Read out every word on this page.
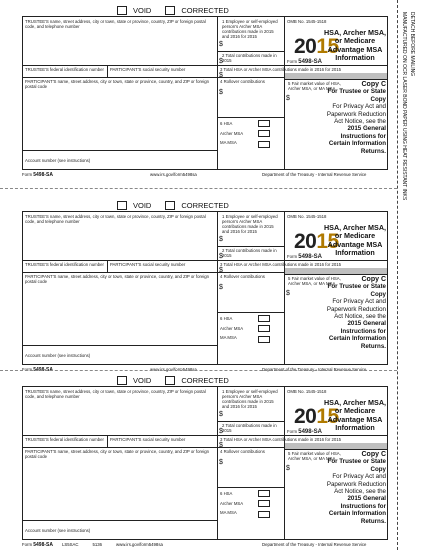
VOID	CORRECTED
TRUSTEE'S name, street address, city or town, state or province, country, ZIP or foreign postal code, and telephone number
1 Employee or self-employed person's Archer MSA contributions made in 2015 and 2016 for 2015
$
2 Total contributions made in 2015
$
OMB No. 1545-1518
2015
Form 5498-SA
HSA, Archer MSA, or Medicare Advantage MSA Information
TRUSTEE'S federal identification number PARTICIPANT'S social security number	3 Total HSA or Archer MSA contributions made in 2016 for 2015
$
PARTICIPANT'S name, street address, city or town, state or province, country, and ZIP or foreign postal code
4 Rollover contributions
$
5 Fair market value of HSA, Archer MSA, or MA MSA
$
6 HSA
Archer MSA
MA MSA
Copy C
For Trustee or State Copy
For Privacy Act and Paperwork Reduction Act Notice, see the
2015 General Instructions for Certain Information Returns.
Account number (see instructions)
Form 5498-SA	www.irs.gov/form5498sa	Department of the Treasury - Internal Revenue Service
VOID	CORRECTED
TRUSTEE'S name, street address, city or town, state or province, country, ZIP or foreign postal code, and telephone number
1 Employee or self-employed person's Archer MSA contributions made in 2015 and 2016 for 2015
$
2 Total contributions made in 2015
$
OMB No. 1545-1518
2015
Form 5498-SA
HSA, Archer MSA, or Medicare Advantage MSA Information
TRUSTEE'S federal identification number PARTICIPANT'S social security number	3 Total HSA or Archer MSA contributions made in 2016 for 2015
$
PARTICIPANT'S name, street address, city or town, state or province, country, and ZIP or foreign postal code
4 Rollover contributions
$
5 Fair market value of HSA, Archer MSA, or MA MSA
$
6 HSA
Archer MSA
MA MSA
Copy C
For Trustee or State Copy
For Privacy Act and Paperwork Reduction Act Notice, see the
2015 General Instructions for Certain Information Returns.
Account number (see instructions)
Form 5498-SA	www.irs.gov/form5498sa	Department of the Treasury - Internal Revenue Service
VOID	CORRECTED
TRUSTEE'S name, street address, city or town, state or province, country, ZIP or foreign postal code, and telephone number
1 Employee or self-employed person's Archer MSA contributions made in 2015 and 2016 for 2015
$
2 Total contributions made in 2015
$
OMB No. 1545-1518
2015
Form 5498-SA
HSA, Archer MSA, or Medicare Advantage MSA Information
TRUSTEE'S federal identification number PARTICIPANT'S social security number	3 Total HSA or Archer MSA contributions made in 2016 for 2015
$
PARTICIPANT'S name, street address, city or town, state or province, country, and ZIP or foreign postal code
4 Rollover contributions
$
5 Fair market value of HSA, Archer MSA, or MA MSA
$
6 HSA
Archer MSA
MA MSA
Copy C
For Trustee or State Copy
For Privacy Act and Paperwork Reduction Act Notice, see the
2015 General Instructions for Certain Information Returns.
Account number (see instructions)
Form 5498-SA LS5SAC	5136	www.irs.gov/form5498sa	Department of the Treasury - Internal Revenue Service
DETACH BEFORE MAILING
MANUFACTURED ON OCR LASER BOND PAPER USING HEAT RESISTANT INKS
